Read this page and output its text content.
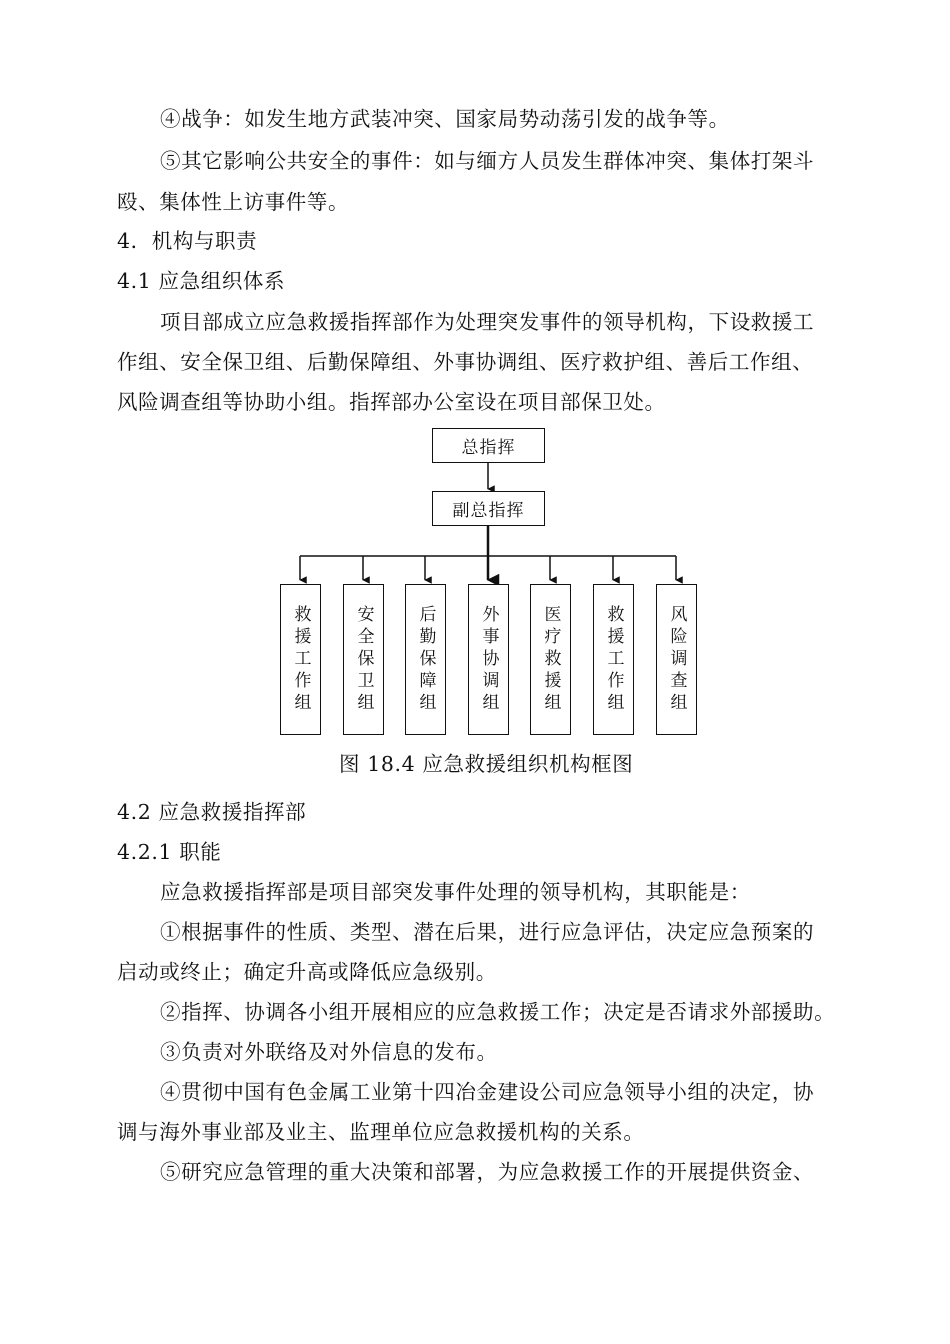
④战争：如发生地方武装冲突、国家局势动荡引发的战争等。
⑤其它影响公共安全的事件：如与缅方人员发生群体冲突、集体打架斗
殴、集体性上访事件等。
4．机构与职责
4.1 应急组织体系
项目部成立应急救援指挥部作为处理突发事件的领导机构，下设救援工
作组、安全保卫组、后勤保障组、外事协调组、医疗救护组、善后工作组、
风险调查组等协助小组。指挥部办公室设在项目部保卫处。
总指挥
副总指挥
救援工作组	安全保卫组	后勤保障组	外事协调组	医疗救援组	救援工作组	风险调查组
图 18.4 应急救援组织机构框图
4.2 应急救援指挥部
4.2.1 职能
应急救援指挥部是项目部突发事件处理的领导机构，其职能是：
①根据事件的性质、类型、潜在后果，进行应急评估，决定应急预案的
启动或终止；确定升高或降低应急级别。
②指挥、协调各小组开展相应的应急救援工作；决定是否请求外部援助。
③负责对外联络及对外信息的发布。
④贯彻中国有色金属工业第十四冶金建设公司应急领导小组的决定，协
调与海外事业部及业主、监理单位应急救援机构的关系。
⑤研究应急管理的重大决策和部署，为应急救援工作的开展提供资金、
